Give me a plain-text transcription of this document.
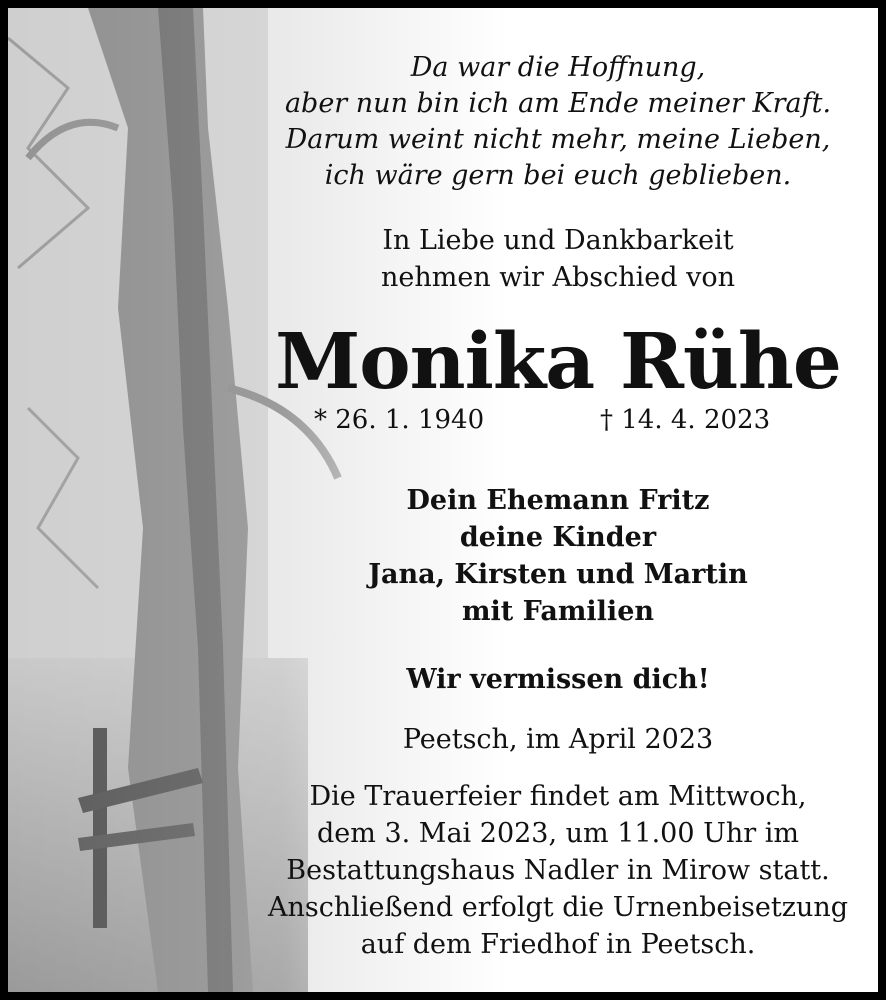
Da war die Hoffnung,
aber nun bin ich am Ende meiner Kraft.
Darum weint nicht mehr, meine Lieben,
ich wäre gern bei euch geblieben.
In Liebe und Dankbarkeit
nehmen wir Abschied von
Monika Rühe
* 26. 1. 1940	† 14. 4. 2023
Dein Ehemann Fritz
deine Kinder
Jana, Kirsten und Martin
mit Familien
Wir vermissen dich!
Peetsch, im April 2023
Die Trauerfeier findet am Mittwoch,
dem 3. Mai 2023, um 11.00 Uhr im
Bestattungshaus Nadler in Mirow statt.
Anschließend erfolgt die Urnenbeisetzung
auf dem Friedhof in Peetsch.
